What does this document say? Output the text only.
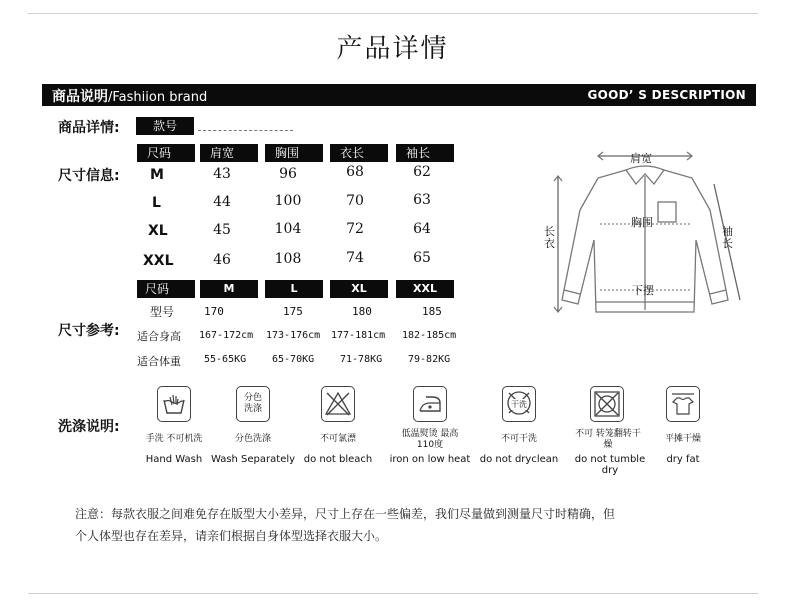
产品详情
商品说明/Fashiion brand	GOOD’ S DESCRIPTION
商品详情:	款号
尺寸信息:
尺码	肩宽	胸围	衣长	袖长
M	43	96	68	62
L	44	100	70	63
XL	45	104	72	64
XXL	46	108	74	65
尺码	M	L	XL	XXL
尺寸参考:
型号	170	175	180	185
适合身高 167-172cm 173-176cm 177-181cm 182-185cm
适合体重 55-65KG	65-70KG	71-78KG	79-82KG
肩宽
胸围
下摆
长衣
袖长
洗涤说明:
手洗 不可机洗
Hand Wash
分色洗涤
分色洗涤
Wash Separately
不可氯漂
do not bleach
低温熨烫 最高110度
iron on low heat
干洗
不可干洗
do not dryclean
不可 转笼翻转干燥
do not tumble dry
平摊干燥
dry fat
注意：每款衣服之间难免存在版型大小差异，尺寸上存在一些偏差，我们尽量做到测量尺寸时精确，但
个人体型也存在差异，请亲们根据自身体型选择衣服大小。
